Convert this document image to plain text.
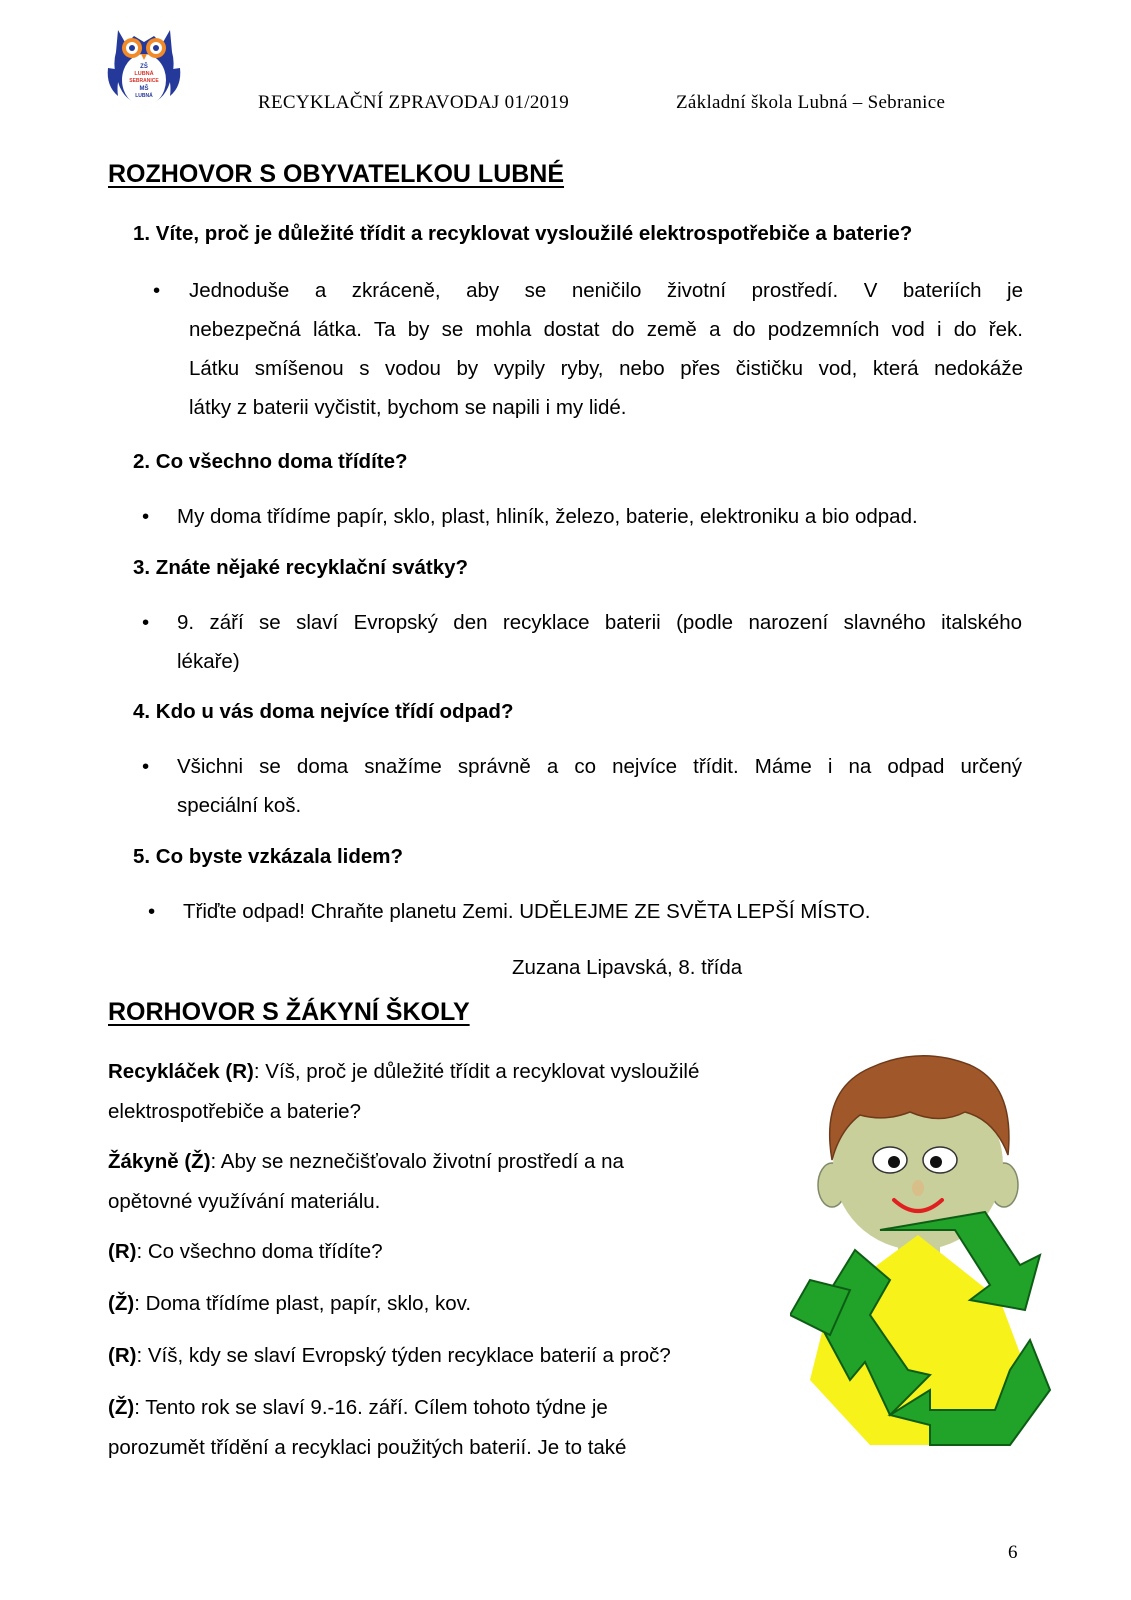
ZŠ
LUBNÁ
SEBRANICE
MŠ
LUBNÁ	RECYKLAČNÍ ZPRAVODAJ 01/2019	Základní škola Lubná – Sebranice
ROZHOVOR S OBYVATELKOU LUBNÉ
1. Víte, proč je důležité třídit a recyklovat vysloužilé elektrospotřebiče a baterie?
• Jednoduše a zkráceně, aby se neničilo životní prostředí. V bateriích je
nebezpečná látka. Ta by se mohla dostat do země a do podzemních vod i do řek.
Látku smíšenou s vodou by vypily ryby, nebo přes čističku vod, která nedokáže
látky z baterii vyčistit, bychom se napili i my lidé.
2. Co všechno doma třídíte?
• My doma třídíme papír, sklo, plast, hliník, železo, baterie, elektroniku a bio odpad.
3. Znáte nějaké recyklační svátky?
• 9. září se slaví Evropský den recyklace baterii (podle narození slavného italského
lékaře)
4. Kdo u vás doma nejvíce třídí odpad?
• Všichni se doma snažíme správně a co nejvíce třídit. Máme i na odpad určený
speciální koš.
5. Co byste vzkázala lidem?
• Třiďte odpad! Chraňte planetu Zemi. UDĚLEJME ZE SVĚTA LEPŠÍ MÍSTO.
Zuzana Lipavská, 8. třída
RORHOVOR S ŽÁKYNÍ ŠKOLY
Recykláček (R): Víš, proč je důležité třídit a recyklovat vysloužilé elektrospotřebiče a baterie?
Žákyně (Ž): Aby se neznečišťovalo životní prostředí a na opětovné využívání materiálu.
(R): Co všechno doma třídíte?
(Ž): Doma třídíme plast, papír, sklo, kov.
(R): Víš, kdy se slaví Evropský týden recyklace baterií a proč?
(Ž): Tento rok se slaví 9.-16. září. Cílem tohoto týdne je porozumět třídění a recyklaci použitých baterií. Je to také
6
